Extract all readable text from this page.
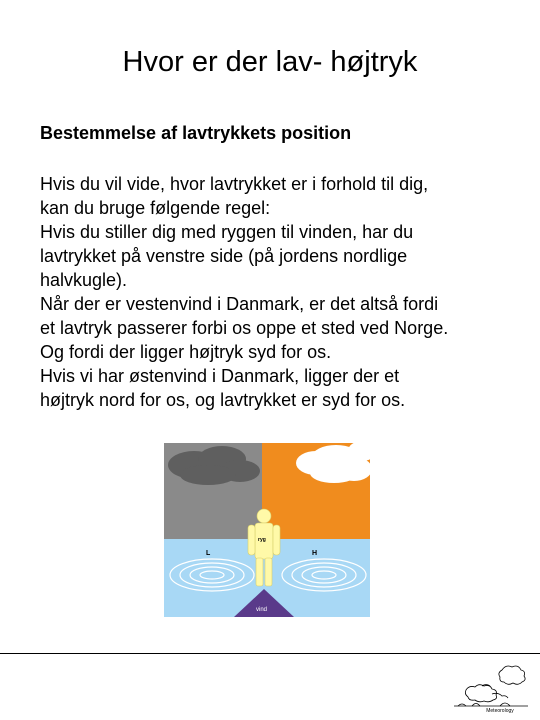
Hvor er der lav- højtryk
Bestemmelse af lavtrykkets position
Hvis du vil vide, hvor lavtrykket er i forhold til dig,
kan du bruge følgende regel:
Hvis du stiller dig med ryggen til vinden, har du
lavtrykket på venstre side (på jordens nordlige
halvkugle).
Når der er vestenvind i Danmark, er det altså fordi
et lavtryk passerer forbi os oppe et sted ved Norge.
Og fordi der ligger højtryk syd for os.
Hvis vi har østenvind i Danmark, ligger der et
højtryk nord for os, og lavtrykket er syd for os.
L	H
ryg
vind
Meteorology
